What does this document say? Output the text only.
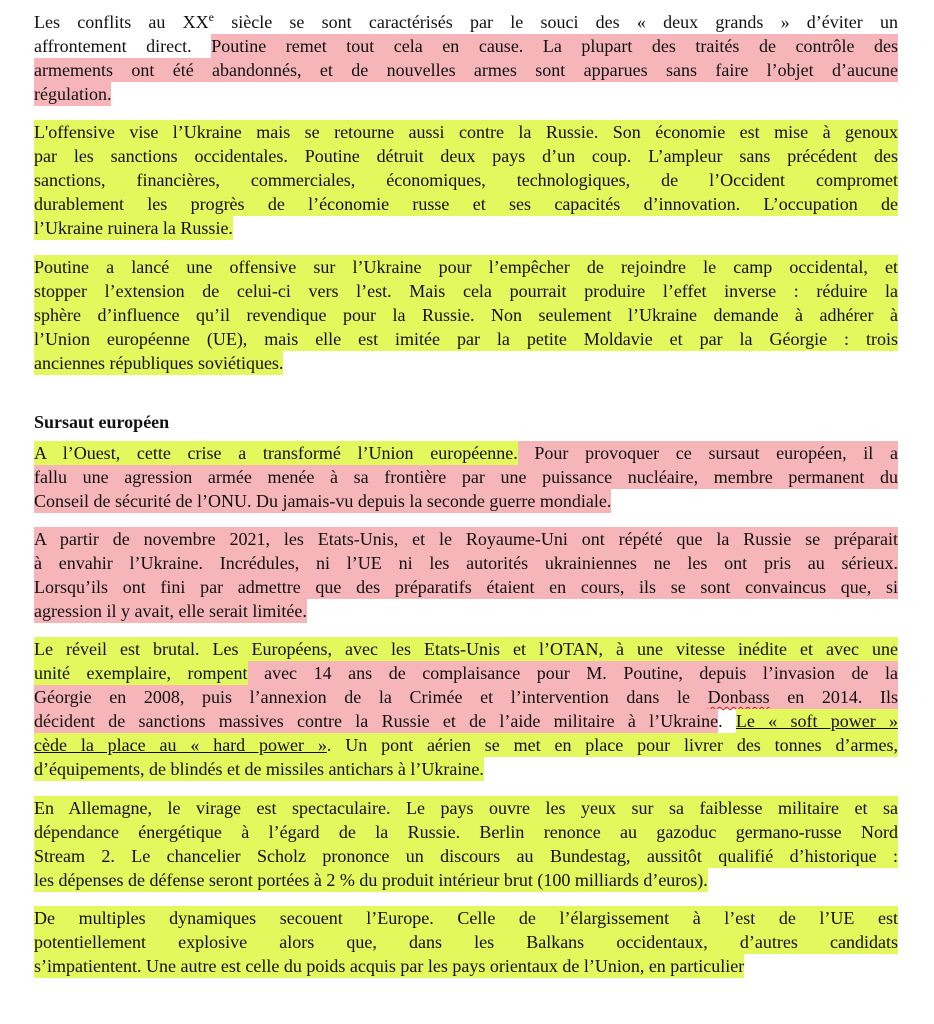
Sursaut européen
Les conflits au XXe siècle se sont caractérisés par le souci des « deux grands » d’éviter un
affrontement direct. Poutine remet tout cela en cause. La plupart des traités de contrôle des
armements ont été abandonnés, et de nouvelles armes sont apparues sans faire l’objet d’aucune
régulation.
L'offensive vise l’Ukraine mais se retourne aussi contre la Russie. Son économie est mise à genoux
par les sanctions occidentales. Poutine détruit deux pays d’un coup. L’ampleur sans précédent des
sanctions, financières, commerciales, économiques, technologiques, de l’Occident compromet
durablement les progrès de l’économie russe et ses capacités d’innovation. L’occupation de
l’Ukraine ruinera la Russie.
Poutine a lancé une offensive sur l’Ukraine pour l’empêcher de rejoindre le camp occidental, et
stopper l’extension de celui-ci vers l’est. Mais cela pourrait produire l’effet inverse : réduire la
sphère d’influence qu’il revendique pour la Russie. Non seulement l’Ukraine demande à adhérer à
l’Union européenne (UE), mais elle est imitée par la petite Moldavie et par la Géorgie : trois
anciennes républiques soviétiques.
A l’Ouest, cette crise a transformé l’Union européenne. Pour provoquer ce sursaut européen, il a
fallu une agression armée menée à sa frontière par une puissance nucléaire, membre permanent du
Conseil de sécurité de l’ONU. Du jamais-vu depuis la seconde guerre mondiale.
A partir de novembre 2021, les Etats-Unis, et le Royaume-Uni ont répété que la Russie se préparait
à envahir l’Ukraine. Incrédules, ni l’UE ni les autorités ukrainiennes ne les ont pris au sérieux.
Lorsqu’ils ont fini par admettre que des préparatifs étaient en cours, ils se sont convaincus que, si
agression il y avait, elle serait limitée.
Le réveil est brutal. Les Européens, avec les Etats-Unis et l’OTAN, à une vitesse inédite et avec une
unité exemplaire, rompent avec 14 ans de complaisance pour M. Poutine, depuis l’invasion de la
Géorgie en 2008, puis l’annexion de la Crimée et l’intervention dans le Donbass en 2014. Ils
décident de sanctions massives contre la Russie et de l’aide militaire à l’Ukraine. Le « soft power »
cède la place au « hard power ». Un pont aérien se met en place pour livrer des tonnes d’armes,
d’équipements, de blindés et de missiles antichars à l’Ukraine.
En Allemagne, le virage est spectaculaire. Le pays ouvre les yeux sur sa faiblesse militaire et sa
dépendance énergétique à l’égard de la Russie. Berlin renonce au gazoduc germano-russe Nord
Stream 2. Le chancelier Scholz prononce un discours au Bundestag, aussitôt qualifié d’historique :
les dépenses de défense seront portées à 2 % du produit intérieur brut (100 milliards d’euros).
De multiples dynamiques secouent l’Europe. Celle de l’élargissement à l’est de l’UE est
potentiellement explosive alors que, dans les Balkans occidentaux, d’autres candidats
s’impatientent. Une autre est celle du poids acquis par les pays orientaux de l’Union, en particulier
